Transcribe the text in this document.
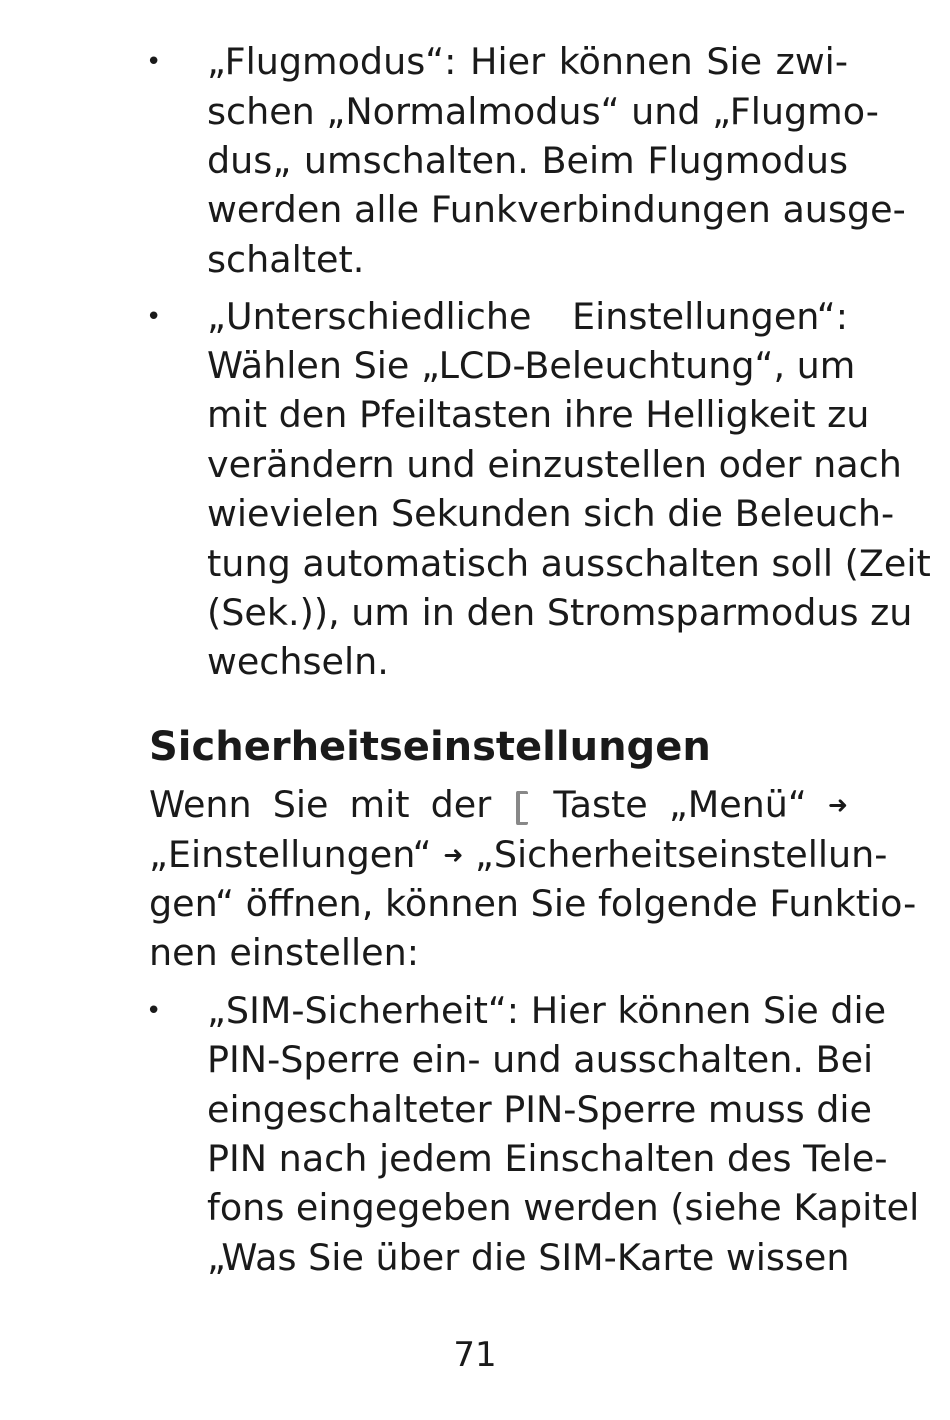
• „Flugmodus“: Hier können Sie zwi-
schen „Normalmodus“ und „Flugmo-
dus„ umschalten. Beim Flugmodus
werden alle Funkverbindungen ausge-
schaltet.
• „Unterschiedliche Einstellungen“:
Wählen Sie „LCD-Beleuchtung“, um
mit den Pfeiltasten ihre Helligkeit zu
verändern und einzustellen oder nach
wievielen Sekunden sich die Beleuch-
tung automatisch ausschalten soll (Zeit
(Sek.)), um in den Stromsparmodus zu
wechseln.
Sicherheitseinstellungen
Wenn Sie mit der Taste „Menü“ ➜
„Einstellungen“ ➜ „Sicherheitseinstellun-
gen“ öffnen, können Sie folgende Funktio-
nen einstellen:
• „SIM-Sicherheit“: Hier können Sie die
PIN-Sperre ein- und ausschalten. Bei
eingeschalteter PIN-Sperre muss die
PIN nach jedem Einschalten des Tele-
fons eingegeben werden (siehe Kapitel
„Was Sie über die SIM-Karte wissen
71
